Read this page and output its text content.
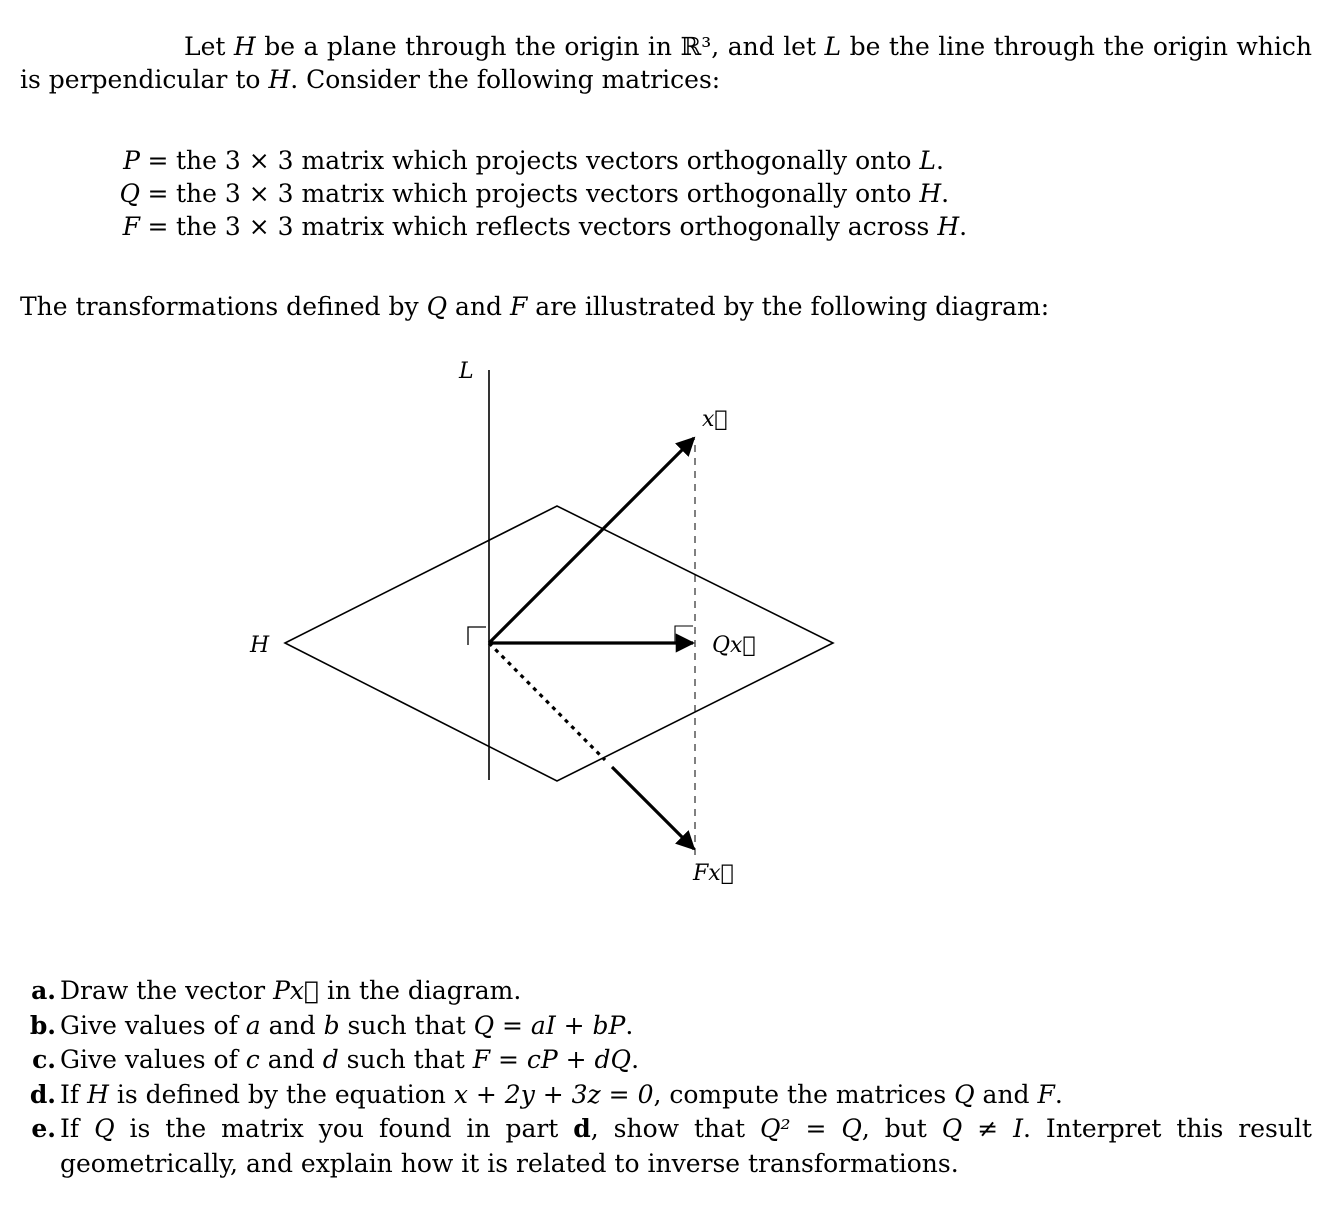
Let H be a plane through the origin in ℝ³, and let L be the line through the origin which is perpendicular to H. Consider the following matrices:
P = the 3 × 3 matrix which projects vectors orthogonally onto
L .
Q = the 3 × 3 matrix which projects vectors orthogonally onto
H .
F = the 3 × 3 matrix which reflects vectors orthogonally across
H .
The transformations defined by Q and F are illustrated by the following diagram:
L
x⃗
H	Qx⃗
Fx⃗
a. Draw the vector Px⃗ in the diagram.
b. Give values of a and b such that Q = aI + bP.
c. Give values of c and d such that F = cP + dQ.
d. If H is defined by the equation x + 2y + 3z = 0, compute the matrices Q and F.
e. If Q is the matrix you found in part d, show that Q² = Q, but Q ≠ I. Interpret this result geometrically, and explain how it is related to inverse transformations.
